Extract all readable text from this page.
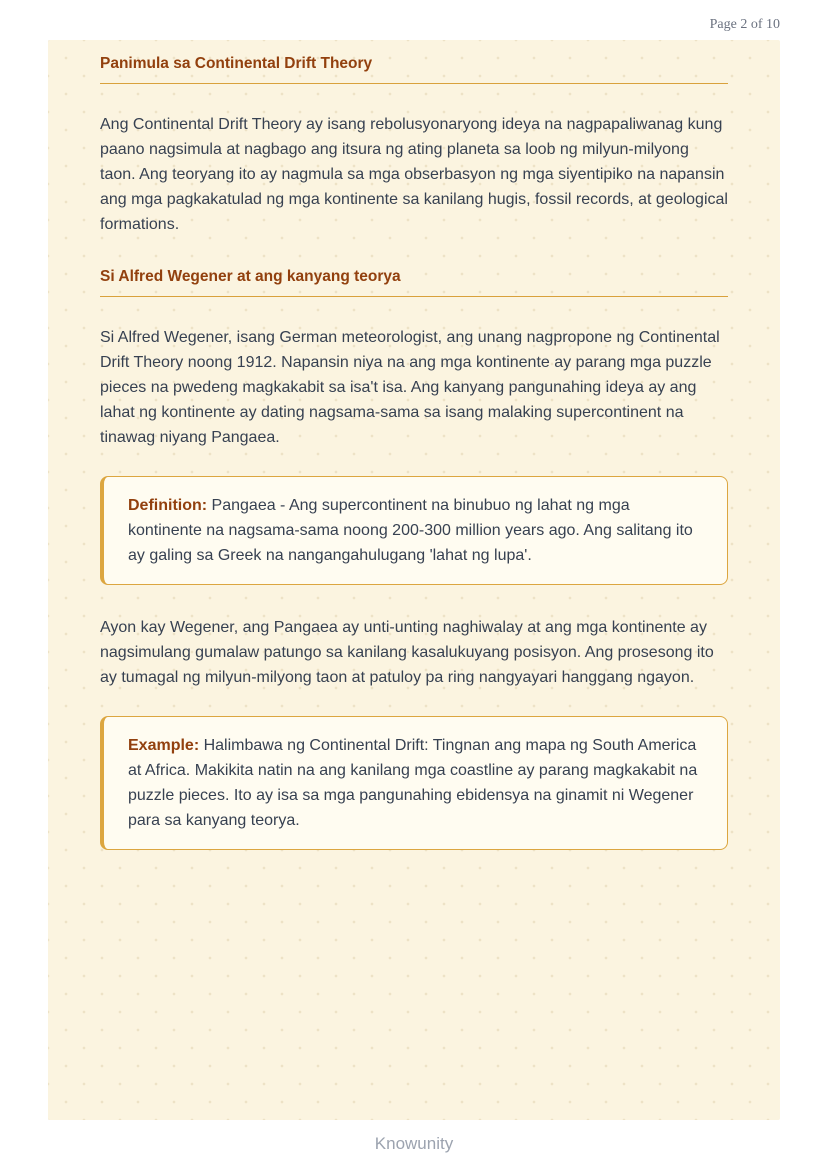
Page 2 of 10
Panimula sa Continental Drift Theory

Ang Continental Drift Theory ay isang rebolusyonaryong ideya na nagpapaliwanag kung paano nagsimula at nagbago ang itsura ng ating planeta sa loob ng milyun-milyong taon. Ang teoryang ito ay nagmula sa mga obserbasyon ng mga siyentipiko na napansin ang mga pagkakatulad ng mga kontinente sa kanilang hugis, fossil records, at geological formations.

Si Alfred Wegener at ang kanyang teorya

Si Alfred Wegener, isang German meteorologist, ang unang nagpropone ng Continental Drift Theory noong 1912. Napansin niya na ang mga kontinente ay parang mga puzzle pieces na pwedeng magkakabit sa isa't isa. Ang kanyang pangunahing ideya ay ang lahat ng kontinente ay dating nagsama-sama sa isang malaking supercontinent na tinawag niyang Pangaea.

Definition: Pangaea - Ang supercontinent na binubuo ng lahat ng mga kontinente na nagsama-sama noong 200-300 million years ago. Ang salitang ito ay galing sa Greek na nangangahulugang 'lahat ng lupa'.

Ayon kay Wegener, ang Pangaea ay unti-unting naghiwalay at ang mga kontinente ay nagsimulang gumalaw patungo sa kanilang kasalukuyang posisyon. Ang prosesong ito ay tumagal ng milyun-milyong taon at patuloy pa ring nangyayari hanggang ngayon.

Example: Halimbawa ng Continental Drift: Tingnan ang mapa ng South America at Africa. Makikita natin na ang kanilang mga coastline ay parang magkakabit na puzzle pieces. Ito ay isa sa mga pangunahing ebidensya na ginamit ni Wegener para sa kanyang teorya.

Knowunity
